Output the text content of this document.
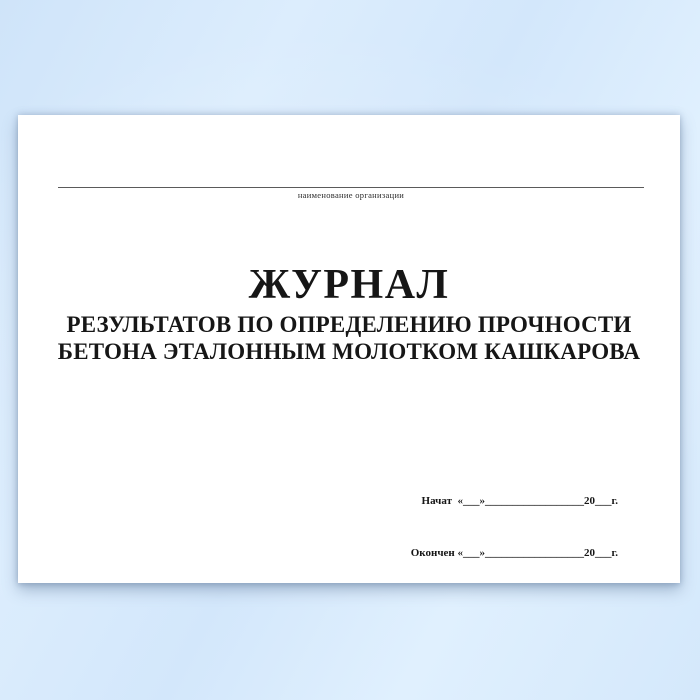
наименование организации
ЖУРНАЛ
РЕЗУЛЬТАТОВ ПО ОПРЕДЕЛЕНИЮ ПРОЧНОСТИ
БЕТОНА ЭТАЛОННЫМ МОЛОТКОМ КАШКАРОВА

Начат  «___»__________________20___г.

Окончен «___»__________________20___г.
